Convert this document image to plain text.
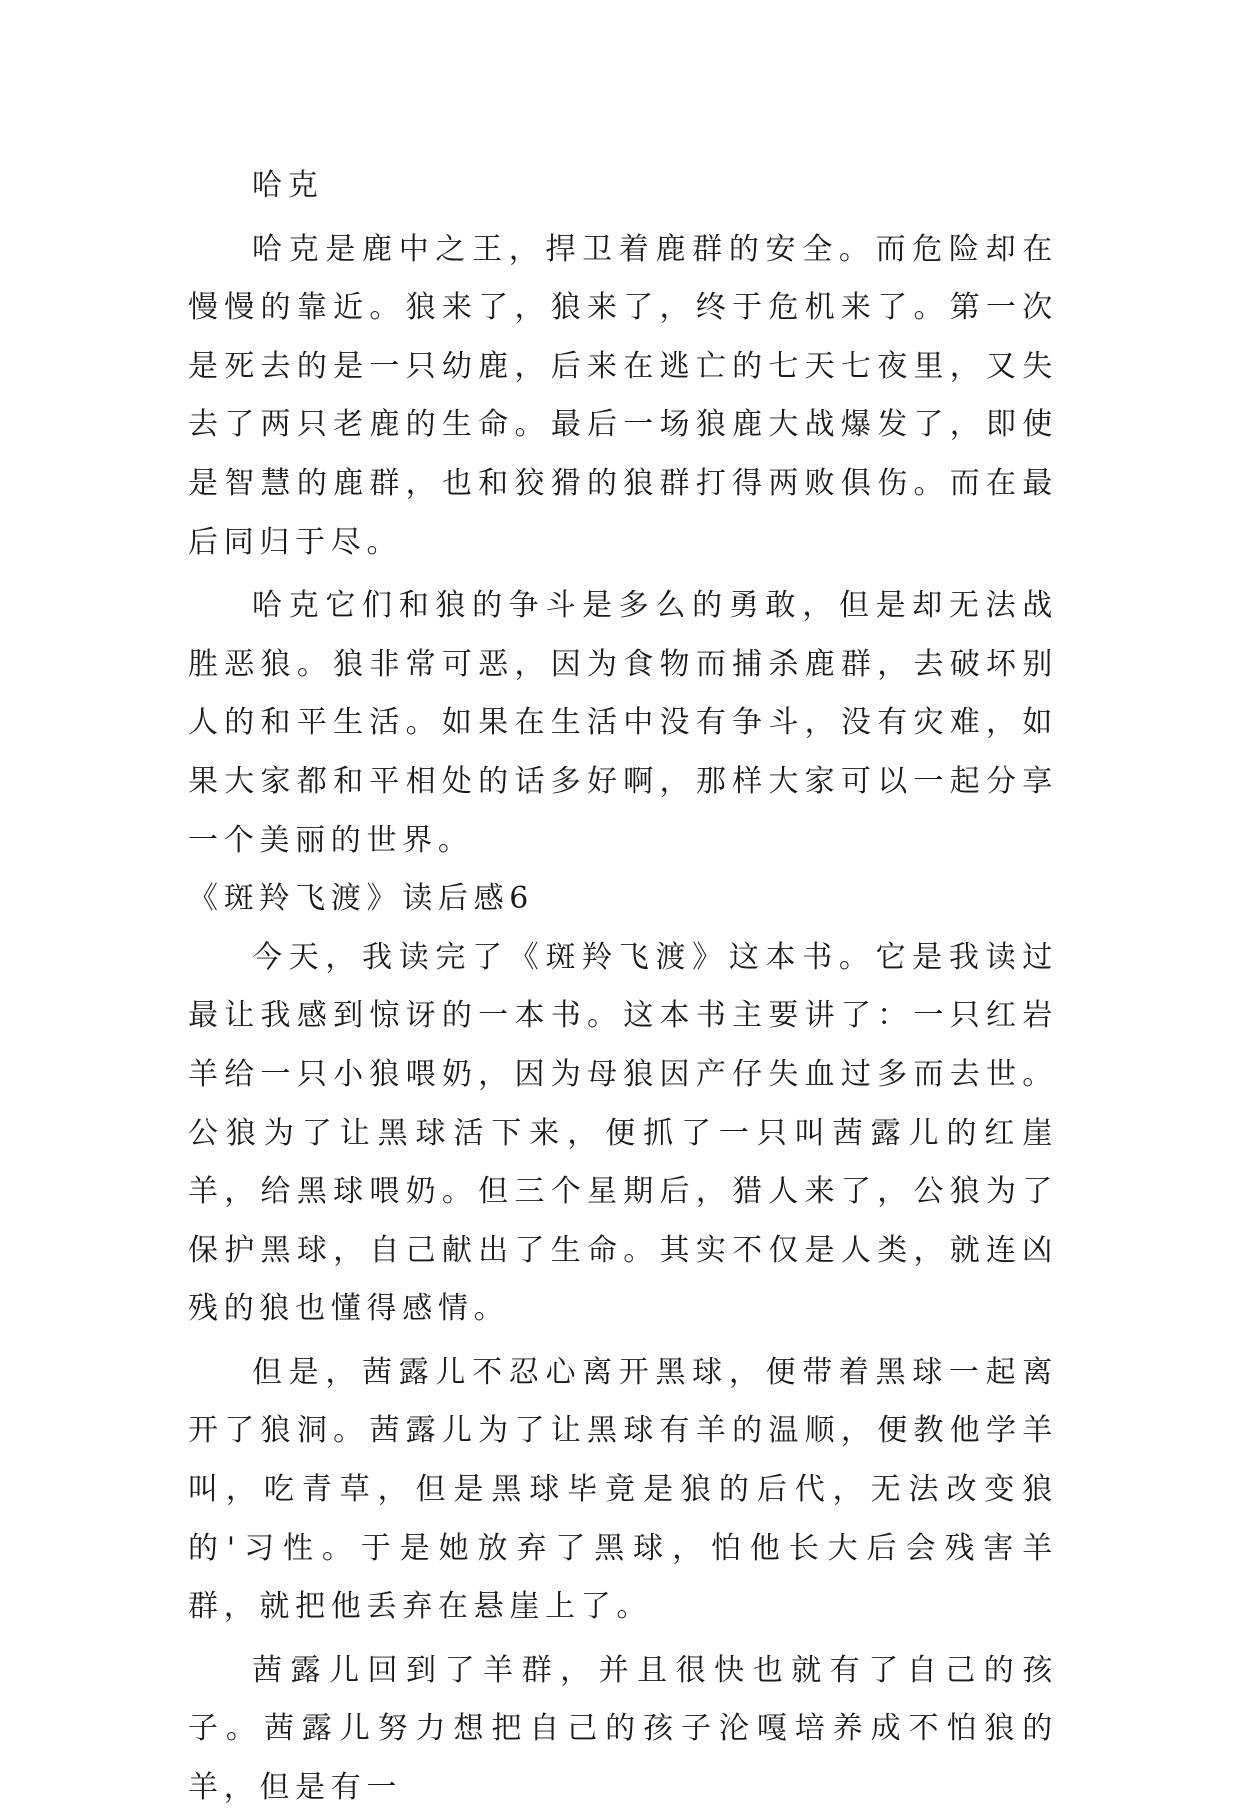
哈克

哈克是鹿中之王，捍卫着鹿群的安全。而危险却在慢慢的靠近。狼来了，狼来了，终于危机来了。第一次是死去的是一只幼鹿，后来在逃亡的七天七夜里，又失去了两只老鹿的生命。最后一场狼鹿大战爆发了，即使是智慧的鹿群，也和狡猾的狼群打得两败俱伤。而在最后同归于尽。

哈克它们和狼的争斗是多么的勇敢，但是却无法战胜恶狼。狼非常可恶，因为食物而捕杀鹿群，去破坏别人的和平生活。如果在生活中没有争斗，没有灾难，如果大家都和平相处的话多好啊，那样大家可以一起分享一个美丽的世界。

《斑羚飞渡》读后感6

今天，我读完了《斑羚飞渡》这本书。它是我读过最让我感到惊讶的一本书。这本书主要讲了：一只红岩羊给一只小狼喂奶，因为母狼因产仔失血过多而去世。公狼为了让黑球活下来，便抓了一只叫茜露儿的红崖羊，给黑球喂奶。但三个星期后，猎人来了，公狼为了保护黑球，自己献出了生命。其实不仅是人类，就连凶残的狼也懂得感情。

但是，茜露儿不忍心离开黑球，便带着黑球一起离开了狼洞。茜露儿为了让黑球有羊的温顺，便教他学羊叫，吃青草，但是黑球毕竟是狼的后代，无法改变狼的'习性。于是她放弃了黑球，怕他长大后会残害羊群，就把他丢弃在悬崖上了。

茜露儿回到了羊群，并且很快也就有了自己的孩子。茜露儿努力想把自己的孩子沦嘎培养成不怕狼的羊，但是有一
